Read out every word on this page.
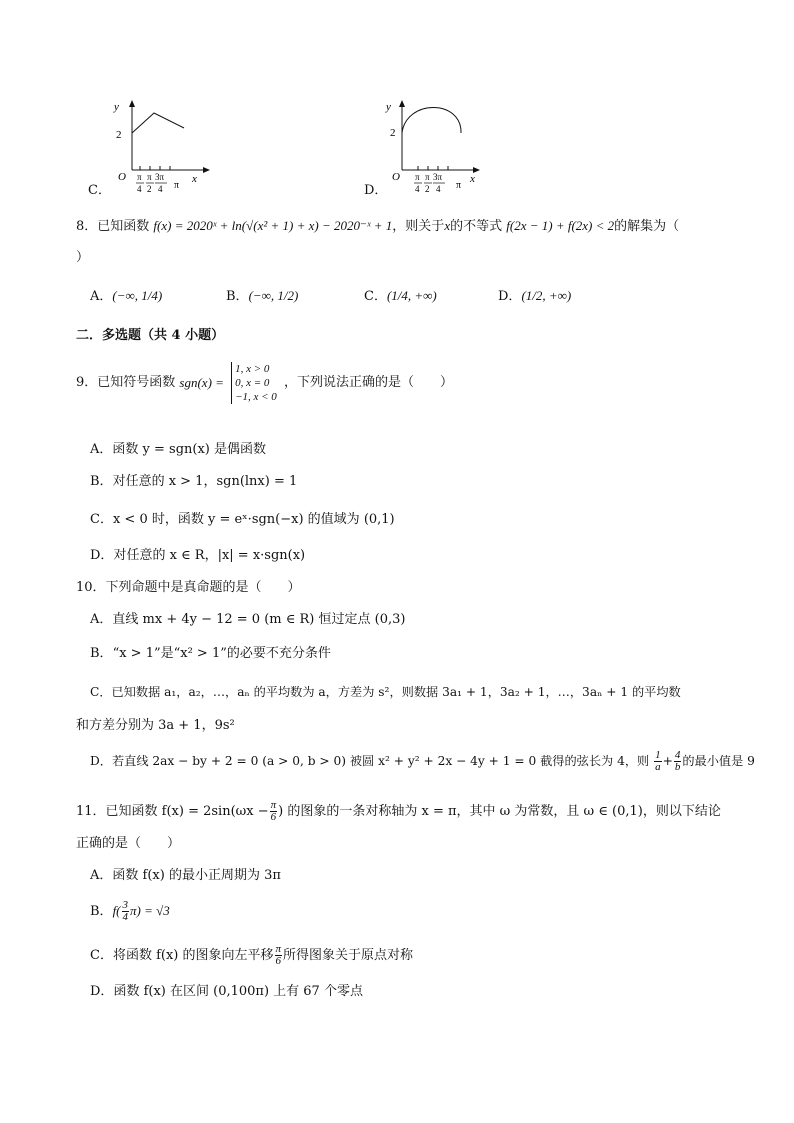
C．
y
2
O	x
π
4
π
2
3π
4 π	D．
y
2
O	x
π
4
π
2
3π
4 π
8．已知函数 f(x) = 2020ˣ + ln(√(x² + 1) + x) − 2020⁻ˣ + 1，则关于x的不等式 f(2x − 1) + f(2x) < 2的解集为（
）
A．(−∞, 1/4)	B．(−∞, 1/2)	C．(1/4, +∞)	D．(1/2, +∞)
二．多选题（共 4 小题）
9．已知符号函数 sgn(x) =
1, x > 0
0, x = 0
−1, x < 0
，下列说法正确的是（　　）
A．函数 y = sgn(x) 是偶函数
B．对任意的 x > 1，sgn(lnx) = 1
C．x < 0 时，函数 y = eˣ·sgn(−x) 的值域为 (0,1)
D．对任意的 x ∈ R，|x| = x·sgn(x)
10．下列命题中是真命题的是（　　）
A．直线 mx + 4y − 12 = 0 (m ∈ R) 恒过定点 (0,3)
B．“x > 1”是“x² > 1”的必要不充分条件
C．已知数据 a₁，a₂，…，aₙ 的平均数为 a，方差为 s²，则数据 3a₁ + 1，3a₂ + 1，…，3aₙ + 1 的平均数
和方差分别为 3a + 1，9s²
D．若直线 2ax − by + 2 = 0 (a > 0, b > 0) 被圆 x² + y² + 2x − 4y + 1 = 0 截得的弦长为 4，则 $\frac{1}{a} + \frac{4}{b}$ 的最小值是 9
11．已知函数 $f(x) = 2\sin(\omega x - \frac{\pi}{6}$ ) 的图象的一条对称轴为 x = π，其中 ω 为常数，且 ω ∈ (0,1)，则以下结论
正确的是（　　）
A．函数 f(x) 的最小正周期为 3π
B．$f( \frac{3}{4} \pi) = √3$
C．将函数 f(x) 的图象向左平移 $\frac{\pi}{6}$ 所得图象关于原点对称
D．函数 f(x) 在区间 (0,100π) 上有 67 个零点
